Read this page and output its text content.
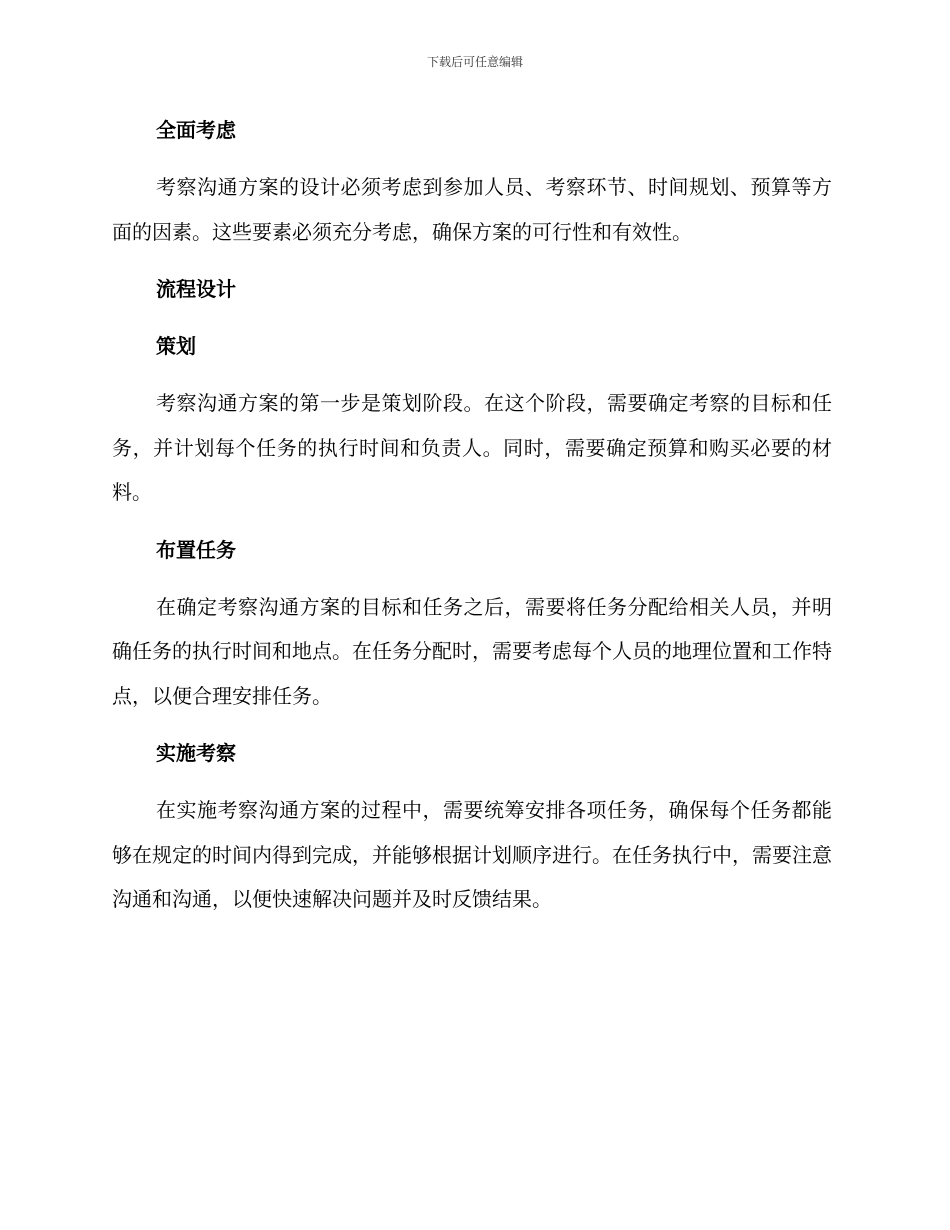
下载后可任意编辑
全面考虑

考察沟通方案的设计必须考虑到参加人员、考察环节、时间规划、预算等方面的因素。这些要素必须充分考虑，确保方案的可行性和有效性。

流程设计
策划

考察沟通方案的第一步是策划阶段。在这个阶段，需要确定考察的目标和任务，并计划每个任务的执行时间和负责人。同时，需要确定预算和购买必要的材料。

布置任务

在确定考察沟通方案的目标和任务之后，需要将任务分配给相关人员，并明确任务的执行时间和地点。在任务分配时，需要考虑每个人员的地理位置和工作特点，以便合理安排任务。

实施考察

在实施考察沟通方案的过程中，需要统筹安排各项任务，确保每个任务都能够在规定的时间内得到完成，并能够根据计划顺序进行。在任务执行中，需要注意沟通和沟通，以便快速解决问题并及时反馈结果。
